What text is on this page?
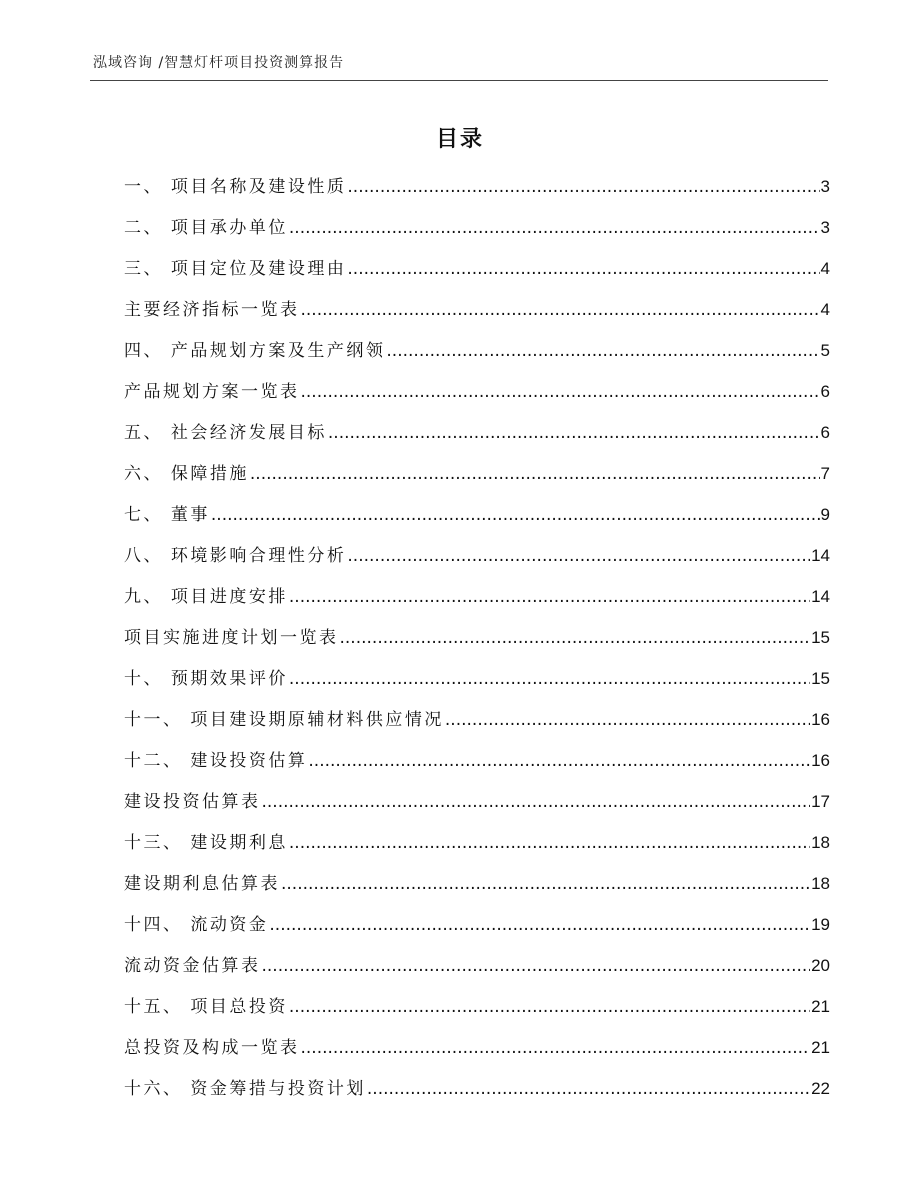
泓域咨询 /智慧灯杆项目投资测算报告
目录
一、 项目名称及建设性质 .....	3
二、 项目承办单位 .....	3
三、 项目定位及建设理由 .....	4
主要经济指标一览表 .....	4
四、 产品规划方案及生产纲领 .....	5
产品规划方案一览表 .....	6
五、 社会经济发展目标 .....	6
六、 保障措施 .....	7
七、 董事 .....	9
八、 环境影响合理性分析 .....	14
九、 项目进度安排 .....	14
项目实施进度计划一览表 .....	15
十、 预期效果评价 .....	15
十一、 项目建设期原辅材料供应情况 .....	16
十二、 建设投资估算 .....	16
建设投资估算表 .....	17
十三、 建设期利息 .....	18
建设期利息估算表 .....	18
十四、 流动资金 .....	19
流动资金估算表 .....	20
十五、 项目总投资 .....	21
总投资及构成一览表 .....	21
十六、 资金筹措与投资计划 .....	22
